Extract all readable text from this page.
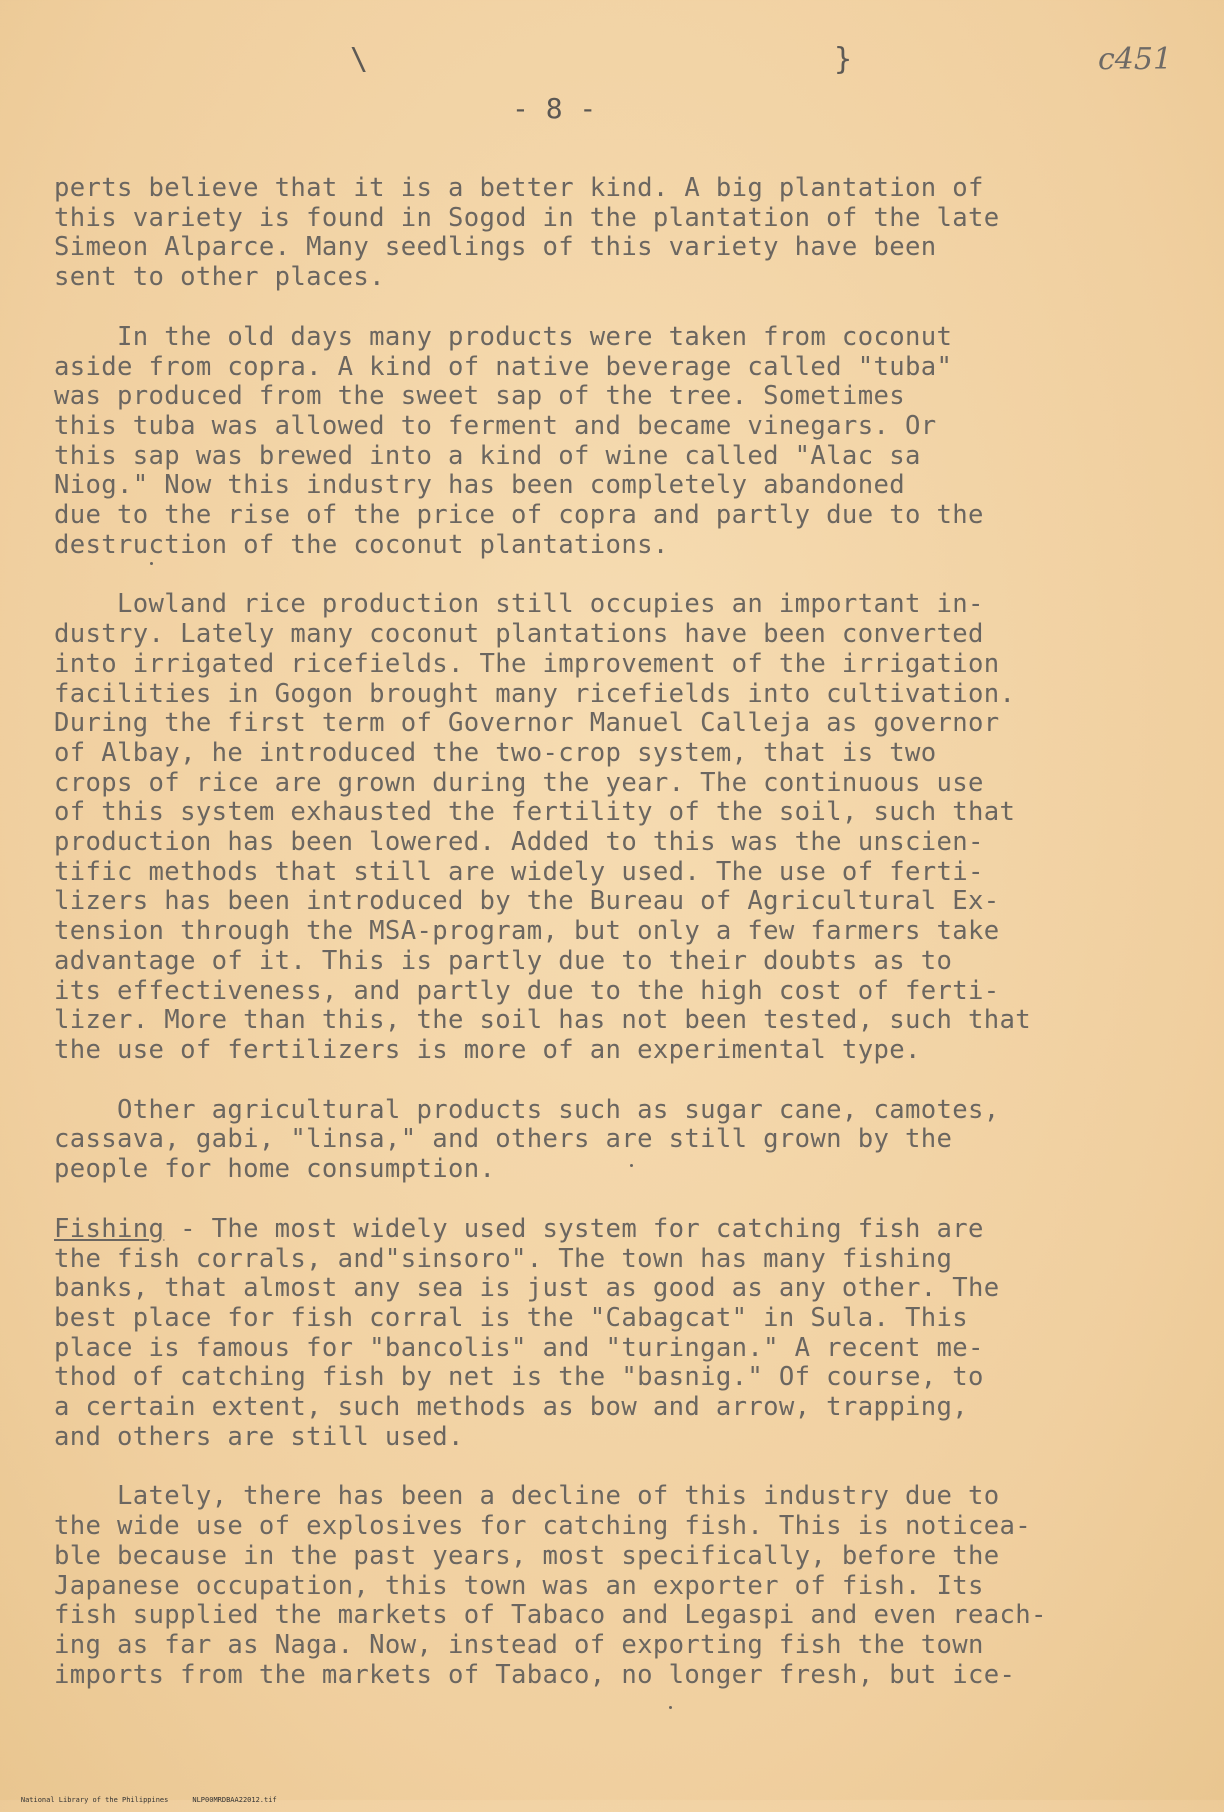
\	}	c451
- 8 -

perts believe that it is a better kind. A big plantation of
this variety is found in Sogod in the plantation of the late
Simeon Alparce. Many seedlings of this variety have been
sent to other places.

In the old days many products were taken from coconut
aside from copra. A kind of native beverage called "tuba"
was produced from the sweet sap of the tree. Sometimes
this tuba was allowed to ferment and became vinegars. Or
this sap was brewed into a kind of wine called "Alac sa
Niog." Now this industry has been completely abandoned
due to the rise of the price of copra and partly due to the
destruction of the coconut plantations.

Lowland rice production still occupies an important in-
dustry. Lately many coconut plantations have been converted
into irrigated ricefields. The improvement of the irrigation
facilities in Gogon brought many ricefields into cultivation.
During the first term of Governor Manuel Calleja as governor
of Albay, he introduced the two-crop system, that is two
crops of rice are grown during the year. The continuous use
of this system exhausted the fertility of the soil, such that
production has been lowered. Added to this was the unscien-
tific methods that still are widely used. The use of ferti-
lizers has been introduced by the Bureau of Agricultural Ex-
tension through the MSA-program, but only a few farmers take
advantage of it. This is partly due to their doubts as to
its effectiveness, and partly due to the high cost of ferti-
lizer. More than this, the soil has not been tested, such that
the use of fertilizers is more of an experimental type.

Other agricultural products such as sugar cane, camotes,
cassava, gabi, "linsa," and others are still grown by the
people for home consumption.

Fishing - The most widely used system for catching fish are
the fish corrals, and"sinsoro". The town has many fishing
banks, that almost any sea is just as good as any other. The
best place for fish corral is the "Cabagcat" in Sula. This
place is famous for "bancolis" and "turingan." A recent me-
thod of catching fish by net is the "basnig." Of course, to
a certain extent, such methods as bow and arrow, trapping,
and others are still used.

Lately, there has been a decline of this industry due to
the wide use of explosives for catching fish. This is noticea-
ble because in the past years, most specifically, before the
Japanese occupation, this town was an exporter of fish. Its
fish supplied the markets of Tabaco and Legaspi and even reach-
ing as far as Naga. Now, instead of exporting fish the town
imports from the markets of Tabaco, no longer fresh, but ice-

National Library of the Philippines	NLP00MRDBAA22012.tif
